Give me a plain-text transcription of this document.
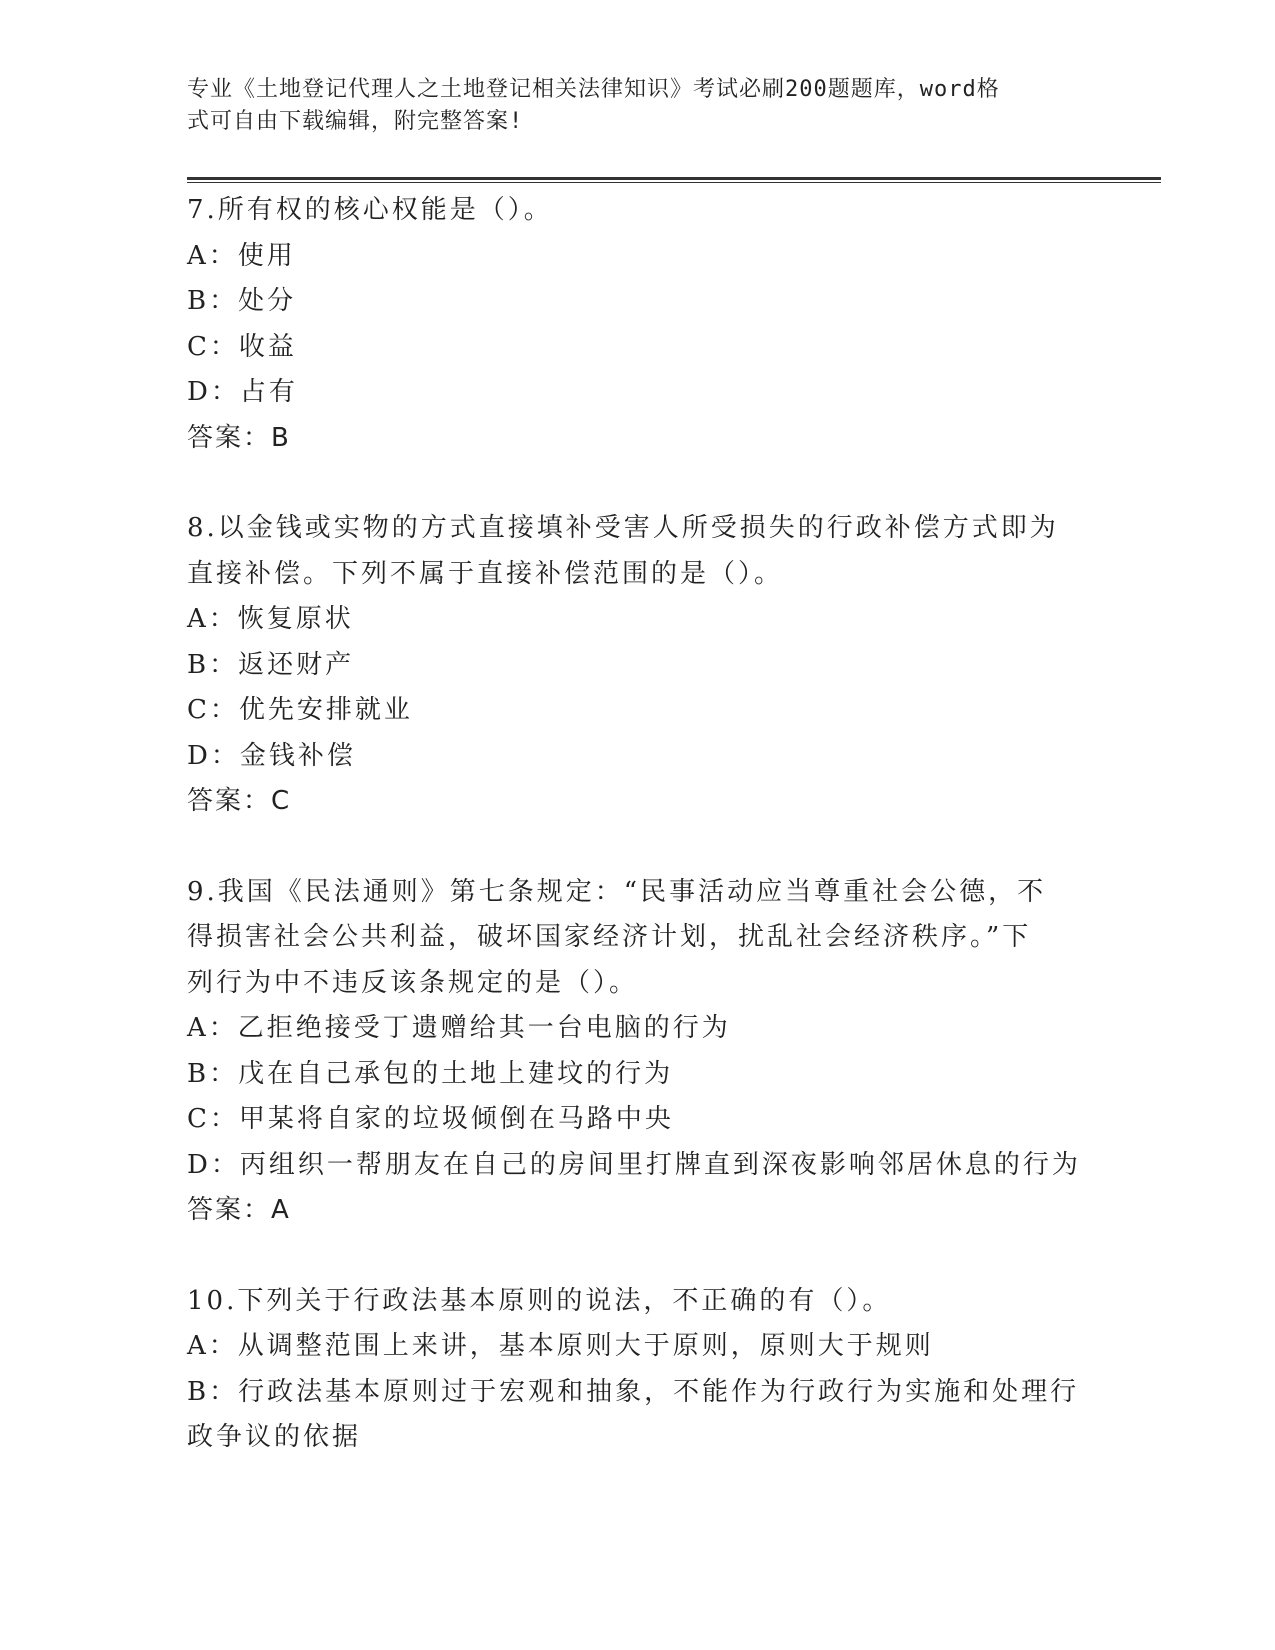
专业《土地登记代理人之土地登记相关法律知识》考试必刷200题题库，word格
式可自由下载编辑，附完整答案!
7.所有权的核心权能是（）。
A：使用
B：处分
C：收益
D：占有
答案：B
8.以金钱或实物的方式直接填补受害人所受损失的行政补偿方式即为
直接补偿。下列不属于直接补偿范围的是（）。
A：恢复原状
B：返还财产
C：优先安排就业
D：金钱补偿
答案：C
9.我国《民法通则》第七条规定：“民事活动应当尊重社会公德，不
得损害社会公共利益，破坏国家经济计划，扰乱社会经济秩序。”下
列行为中不违反该条规定的是（）。
A：乙拒绝接受丁遗赠给其一台电脑的行为
B：戊在自己承包的土地上建坟的行为
C：甲某将自家的垃圾倾倒在马路中央
D：丙组织一帮朋友在自己的房间里打牌直到深夜影响邻居休息的行为
答案：A
10.下列关于行政法基本原则的说法，不正确的有（）。
A：从调整范围上来讲，基本原则大于原则，原则大于规则
B：行政法基本原则过于宏观和抽象，不能作为行政行为实施和处理行
政争议的依据
